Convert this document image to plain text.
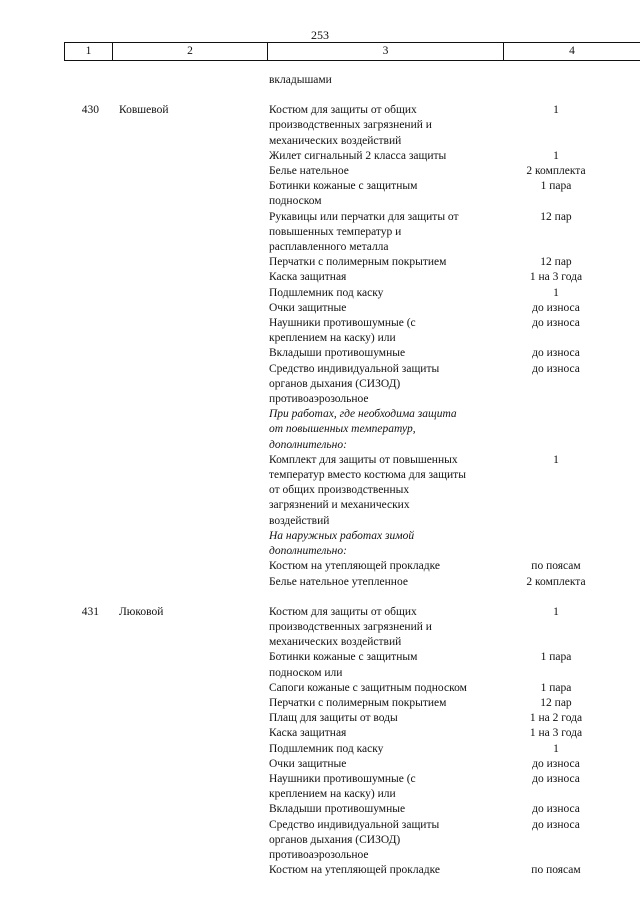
253
1	2	3	4
вкладышами
430	Ковшевой	Костюм для защиты от общих	1
производственных загрязнений и
механических воздействий
Жилет сигнальный 2 класса защиты	1
Белье нательное	2 комплекта
Ботинки кожаные с защитным	1 пара
подноском
Рукавицы или перчатки для защиты от	12 пар
повышенных температур и
расплавленного металла
Перчатки с полимерным покрытием	12 пар
Каска защитная	1 на 3 года
Подшлемник под каску	1
Очки защитные	до износа
Наушники противошумные (с	до износа
креплением на каску) или
Вкладыши противошумные	до износа
Средство индивидуальной защиты	до износа
органов дыхания (СИЗОД)
противоаэрозольное
При работах, где необходима защита
от повышенных температур,
дополнительно:
Комплект для защиты от повышенных	1
температур вместо костюма для защиты
от общих производственных
загрязнений и механических
воздействий
На наружных работах зимой
дополнительно:
Костюм на утепляющей прокладке	по поясам
Белье нательное утепленное	2 комплекта
431	Люковой	Костюм для защиты от общих	1
производственных загрязнений и
механических воздействий
Ботинки кожаные с защитным	1 пара
подноском или
Сапоги кожаные с защитным подноском	1 пара
Перчатки с полимерным покрытием	12 пар
Плащ для защиты от воды	1 на 2 года
Каска защитная	1 на 3 года
Подшлемник под каску	1
Очки защитные	до износа
Наушники противошумные (с	до износа
креплением на каску) или
Вкладыши противошумные	до износа
Средство индивидуальной защиты	до износа
органов дыхания (СИЗОД)
противоаэрозольное
Костюм на утепляющей прокладке	по поясам
